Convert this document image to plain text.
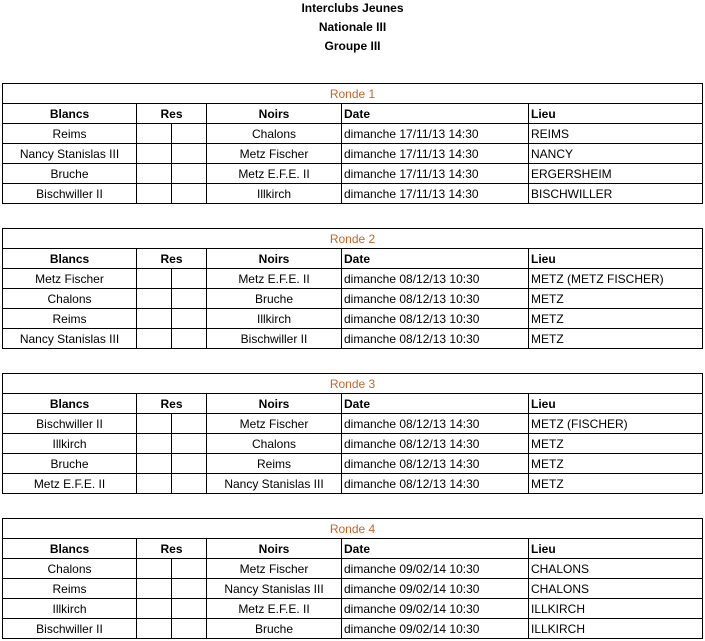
Interclubs Jeunes
Nationale III
Groupe III
Ronde 1					
Blancs	Res		Noirs	Date	Lieu
Reims			Chalons	dimanche 17/11/13 14:30	REIMS
Nancy Stanislas III			Metz Fischer	dimanche 17/11/13 14:30	NANCY
Bruche			Metz E.F.E. II	dimanche 17/11/13 14:30	ERGERSHEIM
Bischwiller II			Illkirch	dimanche 17/11/13 14:30	BISCHWILLER
Ronde 2					
Blancs	Res		Noirs	Date	Lieu
Metz Fischer			Metz E.F.E. II	dimanche 08/12/13 10:30	METZ (METZ FISCHER)
Chalons			Bruche	dimanche 08/12/13 10:30	METZ
Reims			Illkirch	dimanche 08/12/13 10:30	METZ
Nancy Stanislas III			Bischwiller II	dimanche 08/12/13 10:30	METZ
Ronde 3					
Blancs	Res		Noirs	Date	Lieu
Bischwiller II			Metz Fischer	dimanche 08/12/13 14:30	METZ (FISCHER)
Illkirch			Chalons	dimanche 08/12/13 14:30	METZ
Bruche			Reims	dimanche 08/12/13 14:30	METZ
Metz E.F.E. II			Nancy Stanislas III	dimanche 08/12/13 14:30	METZ
Ronde 4					
Blancs	Res		Noirs	Date	Lieu
Chalons			Metz Fischer	dimanche 09/02/14 10:30	CHALONS
Reims			Nancy Stanislas III	dimanche 09/02/14 10:30	CHALONS
Illkirch			Metz E.F.E. II	dimanche 09/02/14 10:30	ILLKIRCH
Bischwiller II			Bruche	dimanche 09/02/14 10:30	ILLKIRCH
